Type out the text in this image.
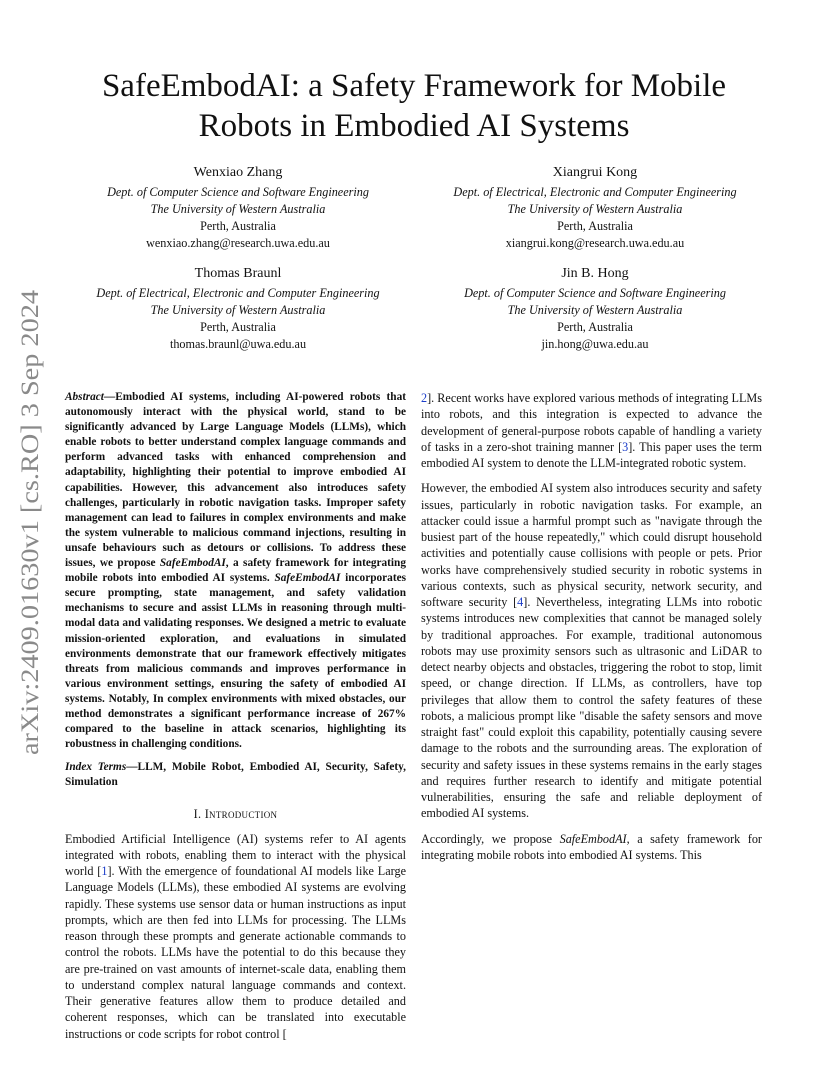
arXiv:2409.01630v1 [cs.RO] 3 Sep 2024
SafeEmbodAI: a Safety Framework for Mobile
Robots in Embodied AI Systems
Wenxiao Zhang
Dept. of Computer Science and Software Engineering
The University of Western Australia
Perth, Australia
wenxiao.zhang@research.uwa.edu.au
Xiangrui Kong
Dept. of Electrical, Electronic and Computer Engineering
The University of Western Australia
Perth, Australia
xiangrui.kong@research.uwa.edu.au
Thomas Braunl
Dept. of Electrical, Electronic and Computer Engineering
The University of Western Australia
Perth, Australia
thomas.braunl@uwa.edu.au
Jin B. Hong
Dept. of Computer Science and Software Engineering
The University of Western Australia
Perth, Australia
jin.hong@uwa.edu.au

Abstract—Embodied AI systems, including AI-powered robots that autonomously interact with the physical world, stand to be significantly advanced by Large Language Models (LLMs), which enable robots to better understand complex language commands and perform advanced tasks with enhanced comprehension and adaptability, highlighting their potential to improve embodied AI capabilities. However, this advancement also introduces safety challenges, particularly in robotic navigation tasks. Improper safety management can lead to failures in complex environments and make the system vulnerable to malicious command injections, resulting in unsafe behaviours such as detours or collisions. To address these issues, we propose SafeEmbodAI, a safety framework for integrating mobile robots into embodied AI systems. SafeEmbodAI incorporates secure prompting, state management, and safety validation mechanisms to secure and assist LLMs in reasoning through multi-modal data and validating responses. We designed a metric to evaluate mission-oriented exploration, and evaluations in simulated environments demonstrate that our framework effectively mitigates threats from malicious commands and improves performance in various environment settings, ensuring the safety of embodied AI systems. Notably, In complex environments with mixed obstacles, our method demonstrates a significant performance increase of 267% compared to the baseline in attack scenarios, highlighting its robustness in challenging conditions.

Index Terms—LLM, Mobile Robot, Embodied AI, Security, Safety, Simulation

I. Introduction

Embodied Artificial Intelligence (AI) systems refer to AI agents integrated with robots, enabling them to interact with the physical world [1]. With the emergence of foundational AI models like Large Language Models (LLMs), these embodied AI systems are evolving rapidly. These systems use sensor data or human instructions as input prompts, which are then fed into LLMs for processing. The LLMs reason through these prompts and generate actionable commands to control the robots. LLMs have the potential to do this because they are pre-trained on vast amounts of internet-scale data, enabling them to understand complex natural language commands and context. Their generative features allow them to produce detailed and coherent responses, which can be translated into executable instructions or code scripts for robot control [

2]. Recent works have explored various methods of integrating LLMs into robots, and this integration is expected to advance the development of general-purpose robots capable of handling a variety of tasks in a zero-shot training manner [3]. This paper uses the term embodied AI system to denote the LLM-integrated robotic system.

However, the embodied AI system also introduces security and safety issues, particularly in robotic navigation tasks. For example, an attacker could issue a harmful prompt such as "navigate through the busiest part of the house repeatedly," which could disrupt household activities and potentially cause collisions with people or pets. Prior works have comprehensively studied security in robotic systems in various contexts, such as physical security, network security, and software security [4]. Nevertheless, integrating LLMs into robotic systems introduces new complexities that cannot be managed solely by traditional approaches. For example, traditional autonomous robots may use proximity sensors such as ultrasonic and LiDAR to detect nearby objects and obstacles, triggering the robot to stop, limit speed, or change direction. If LLMs, as controllers, have top privileges that allow them to control the safety features of these robots, a malicious prompt like "disable the safety sensors and move straight fast" could exploit this capability, potentially causing severe damage to the robots and the surrounding areas. The exploration of security and safety issues in these systems remains in the early stages and requires further research to identify and mitigate potential vulnerabilities, ensuring the safe and reliable deployment of embodied AI systems.

Accordingly, we propose SafeEmbodAI, a safety framework for integrating mobile robots into embodied AI systems. This
